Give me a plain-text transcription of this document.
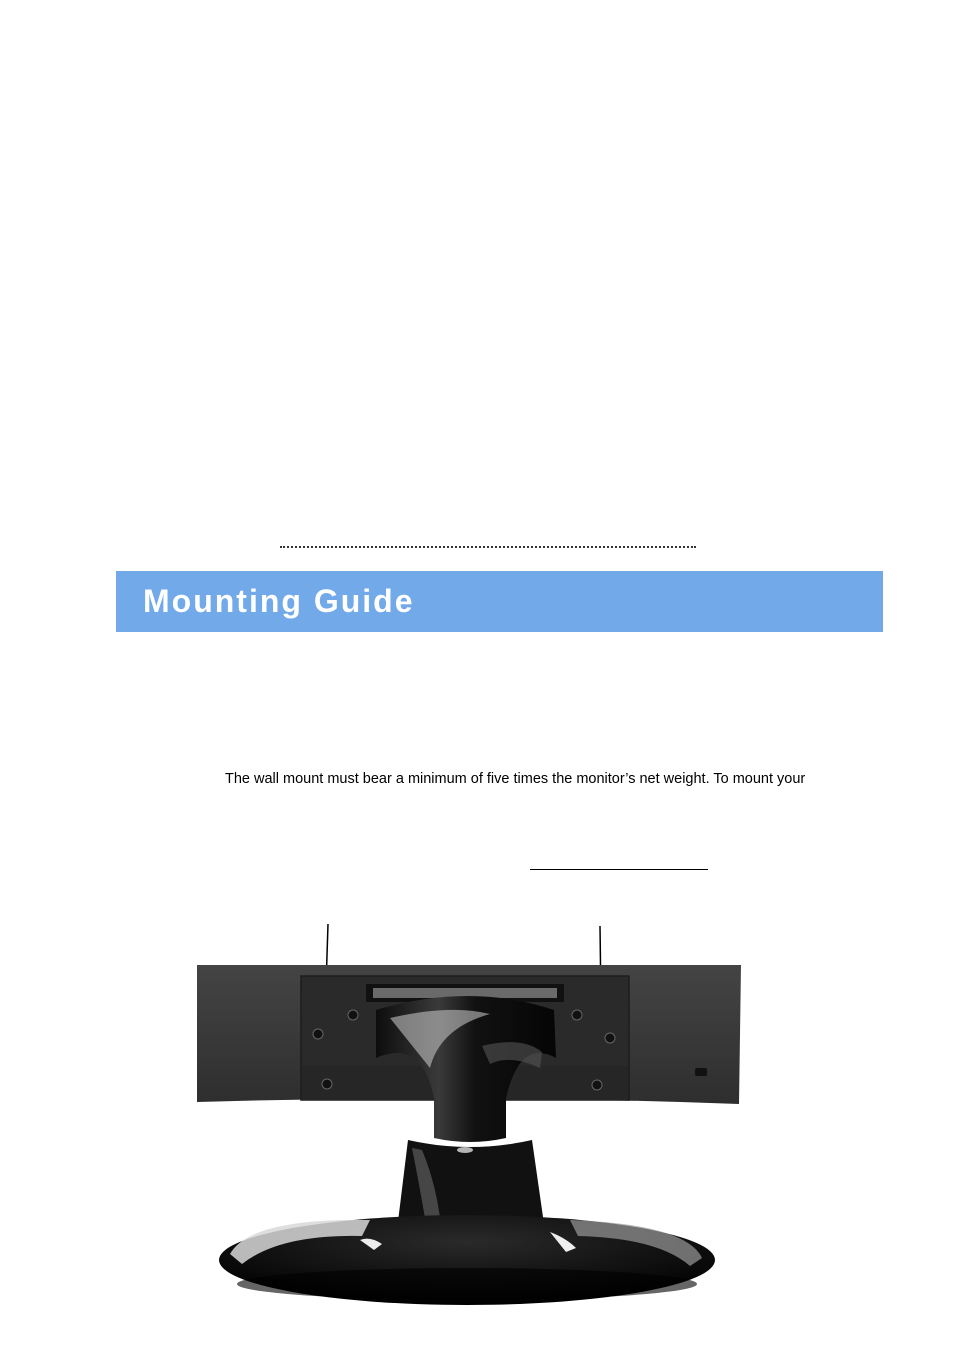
Mounting Guide

The wall mount must bear a minimum of five times the monitor’s net weight. To mount your
